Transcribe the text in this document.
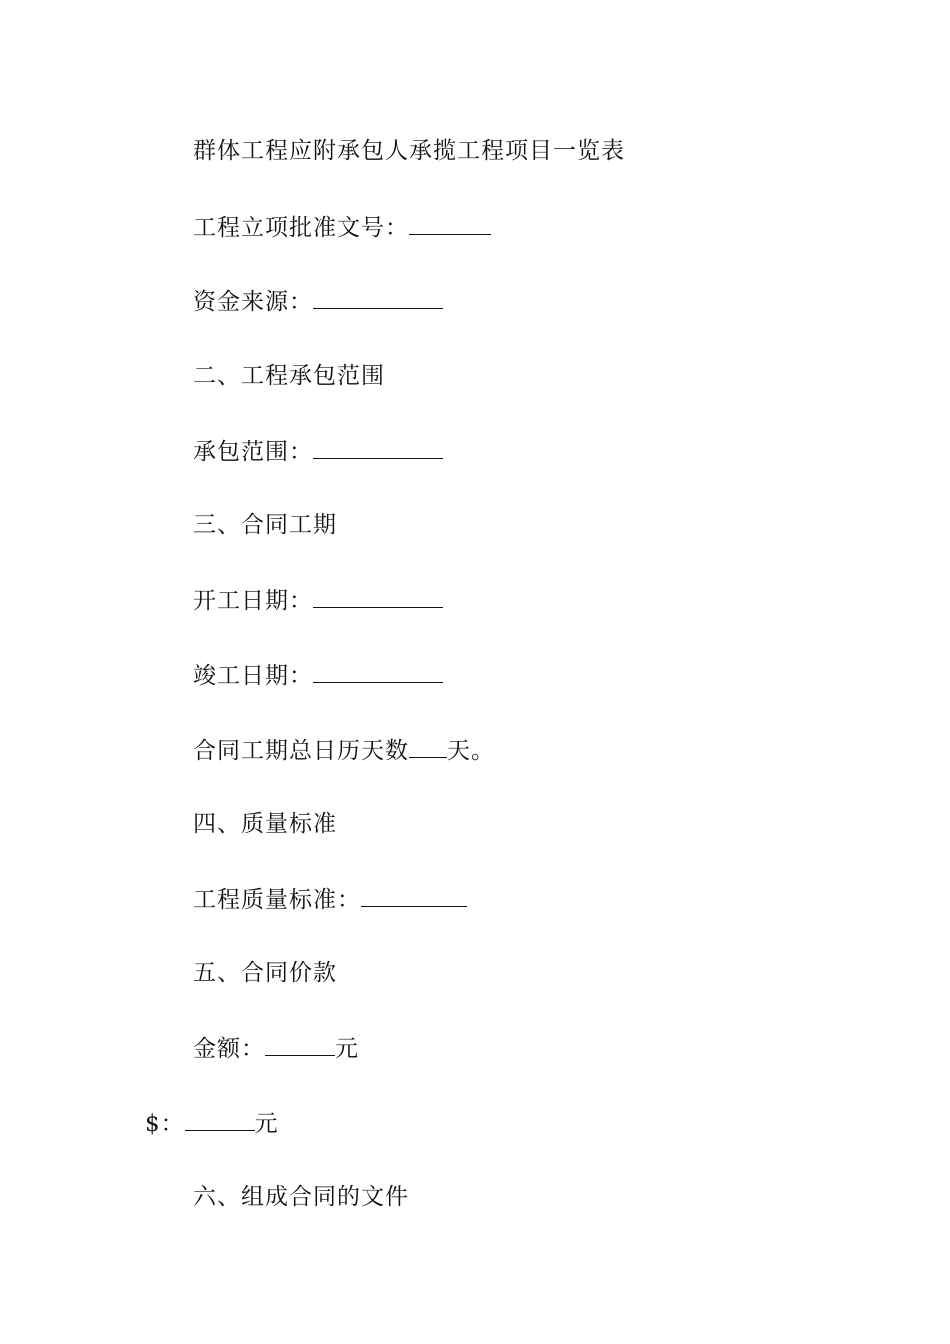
群体工程应附承包人承揽工程项目一览表
工程立项批准文号：
资金来源：
二、工程承包范围
承包范围：
三、合同工期
开工日期：
竣工日期：
合同工期总日历天数 天。
四、质量标准
工程质量标准：
五、合同价款
金额：	元
$：	元
六、组成合同的文件
